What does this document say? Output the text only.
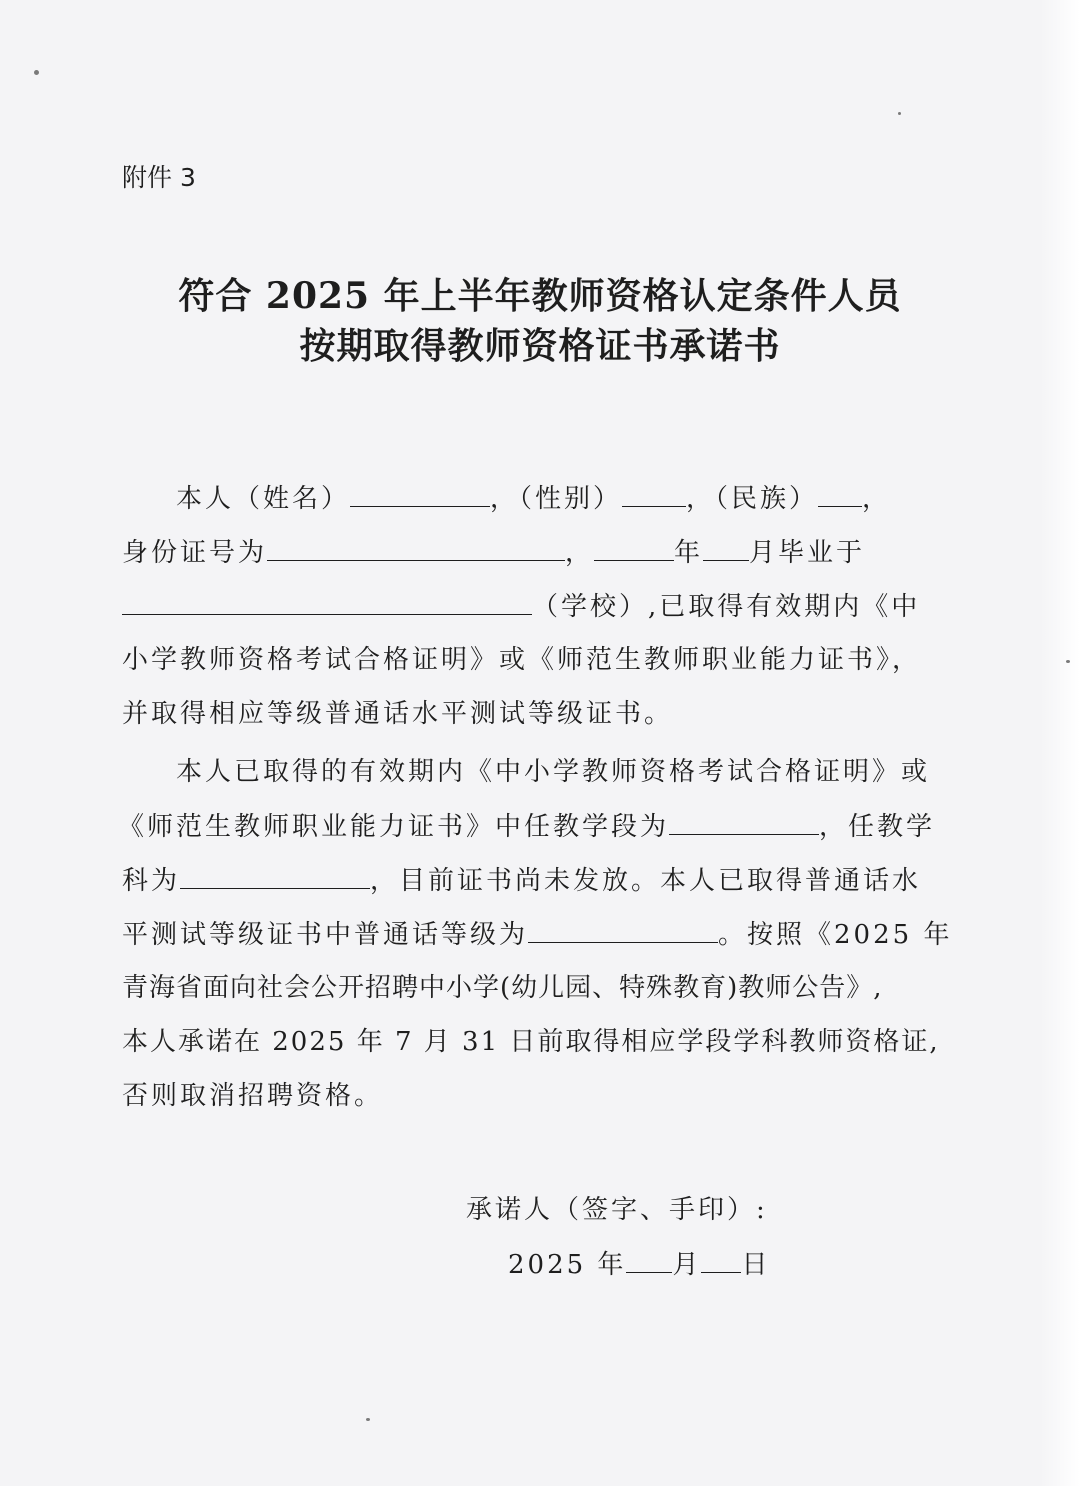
附件 3
符合 2025 年上半年教师资格认定条件人员
按期取得教师资格证书承诺书
本人（姓名）	，（性别） ，（民族） ，
身份证号为	，	年 月毕业于
（学校）,已取得有效期内《中
小学教师资格考试合格证明》或《师范生教师职业能力证书》，
并取得相应等级普通话水平测试等级证书。
本人已取得的有效期内《中小学教师资格考试合格证明》或
《师范生教师职业能力证书》中任教学段为	，任教学
科为	，目前证书尚未发放。本人已取得普通话水
平测试等级证书中普通话等级为	。按照《2025 年
青海省面向社会公开招聘中小学(幼儿园、特殊教育)教师公告》,
本人承诺在 2025 年 7 月 31 日前取得相应学段学科教师资格证,
否则取消招聘资格。
承诺人（签字、手印）:
2025 年 月 日
